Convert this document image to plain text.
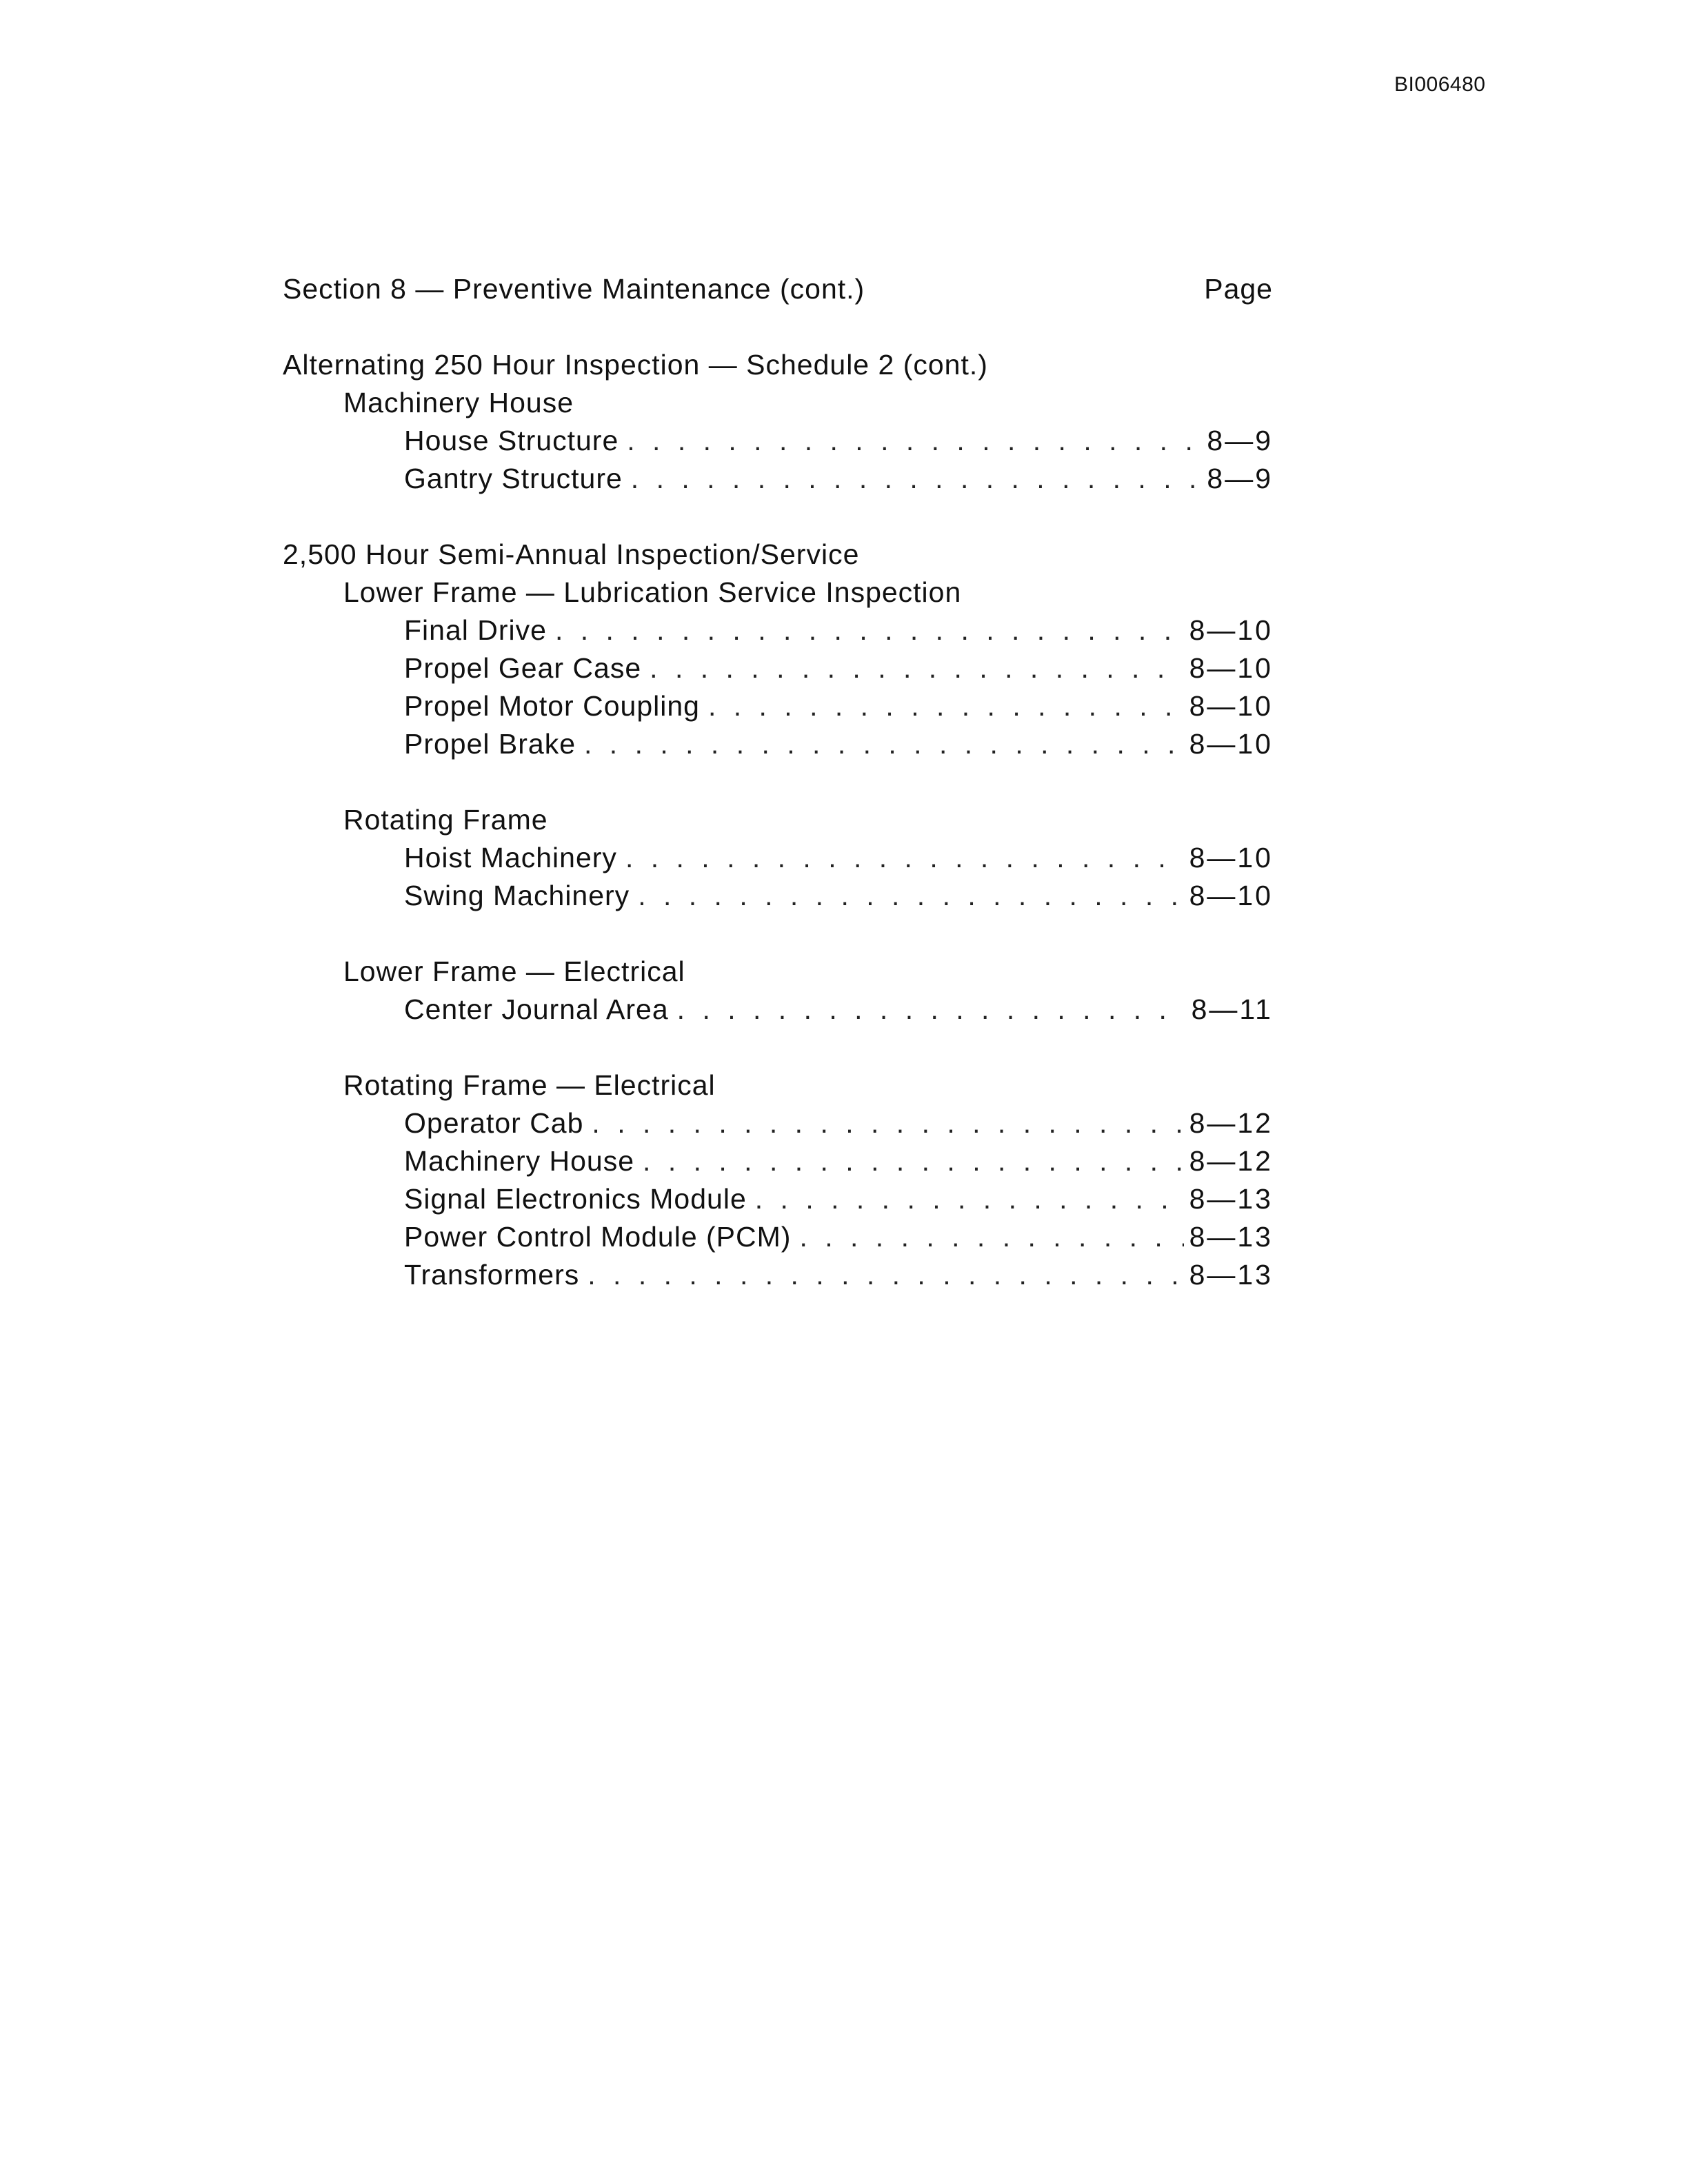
BI006480
Section 8 — Preventive Maintenance (cont.)	Page
Alternating 250 Hour Inspection — Schedule 2 (cont.)
Machinery House
House Structure . . .	8—9
Gantry Structure . . .	8—9
2,500 Hour Semi-Annual Inspection/Service
Lower Frame — Lubrication Service Inspection
Final Drive . . .	8—10
Propel Gear Case . . .	8—10
Propel Motor Coupling . . .	8—10
Propel Brake . . .	8—10
Rotating Frame
Hoist Machinery . . .	8—10
Swing Machinery . . .	8—10
Lower Frame — Electrical
Center Journal Area . . .	8—11
Rotating Frame — Electrical
Operator Cab . . .	8—12
Machinery House . . .	8—12
Signal Electronics Module . . .	8—13
Power Control Module (PCM) . . .	8—13
Transformers . . .	8—13
